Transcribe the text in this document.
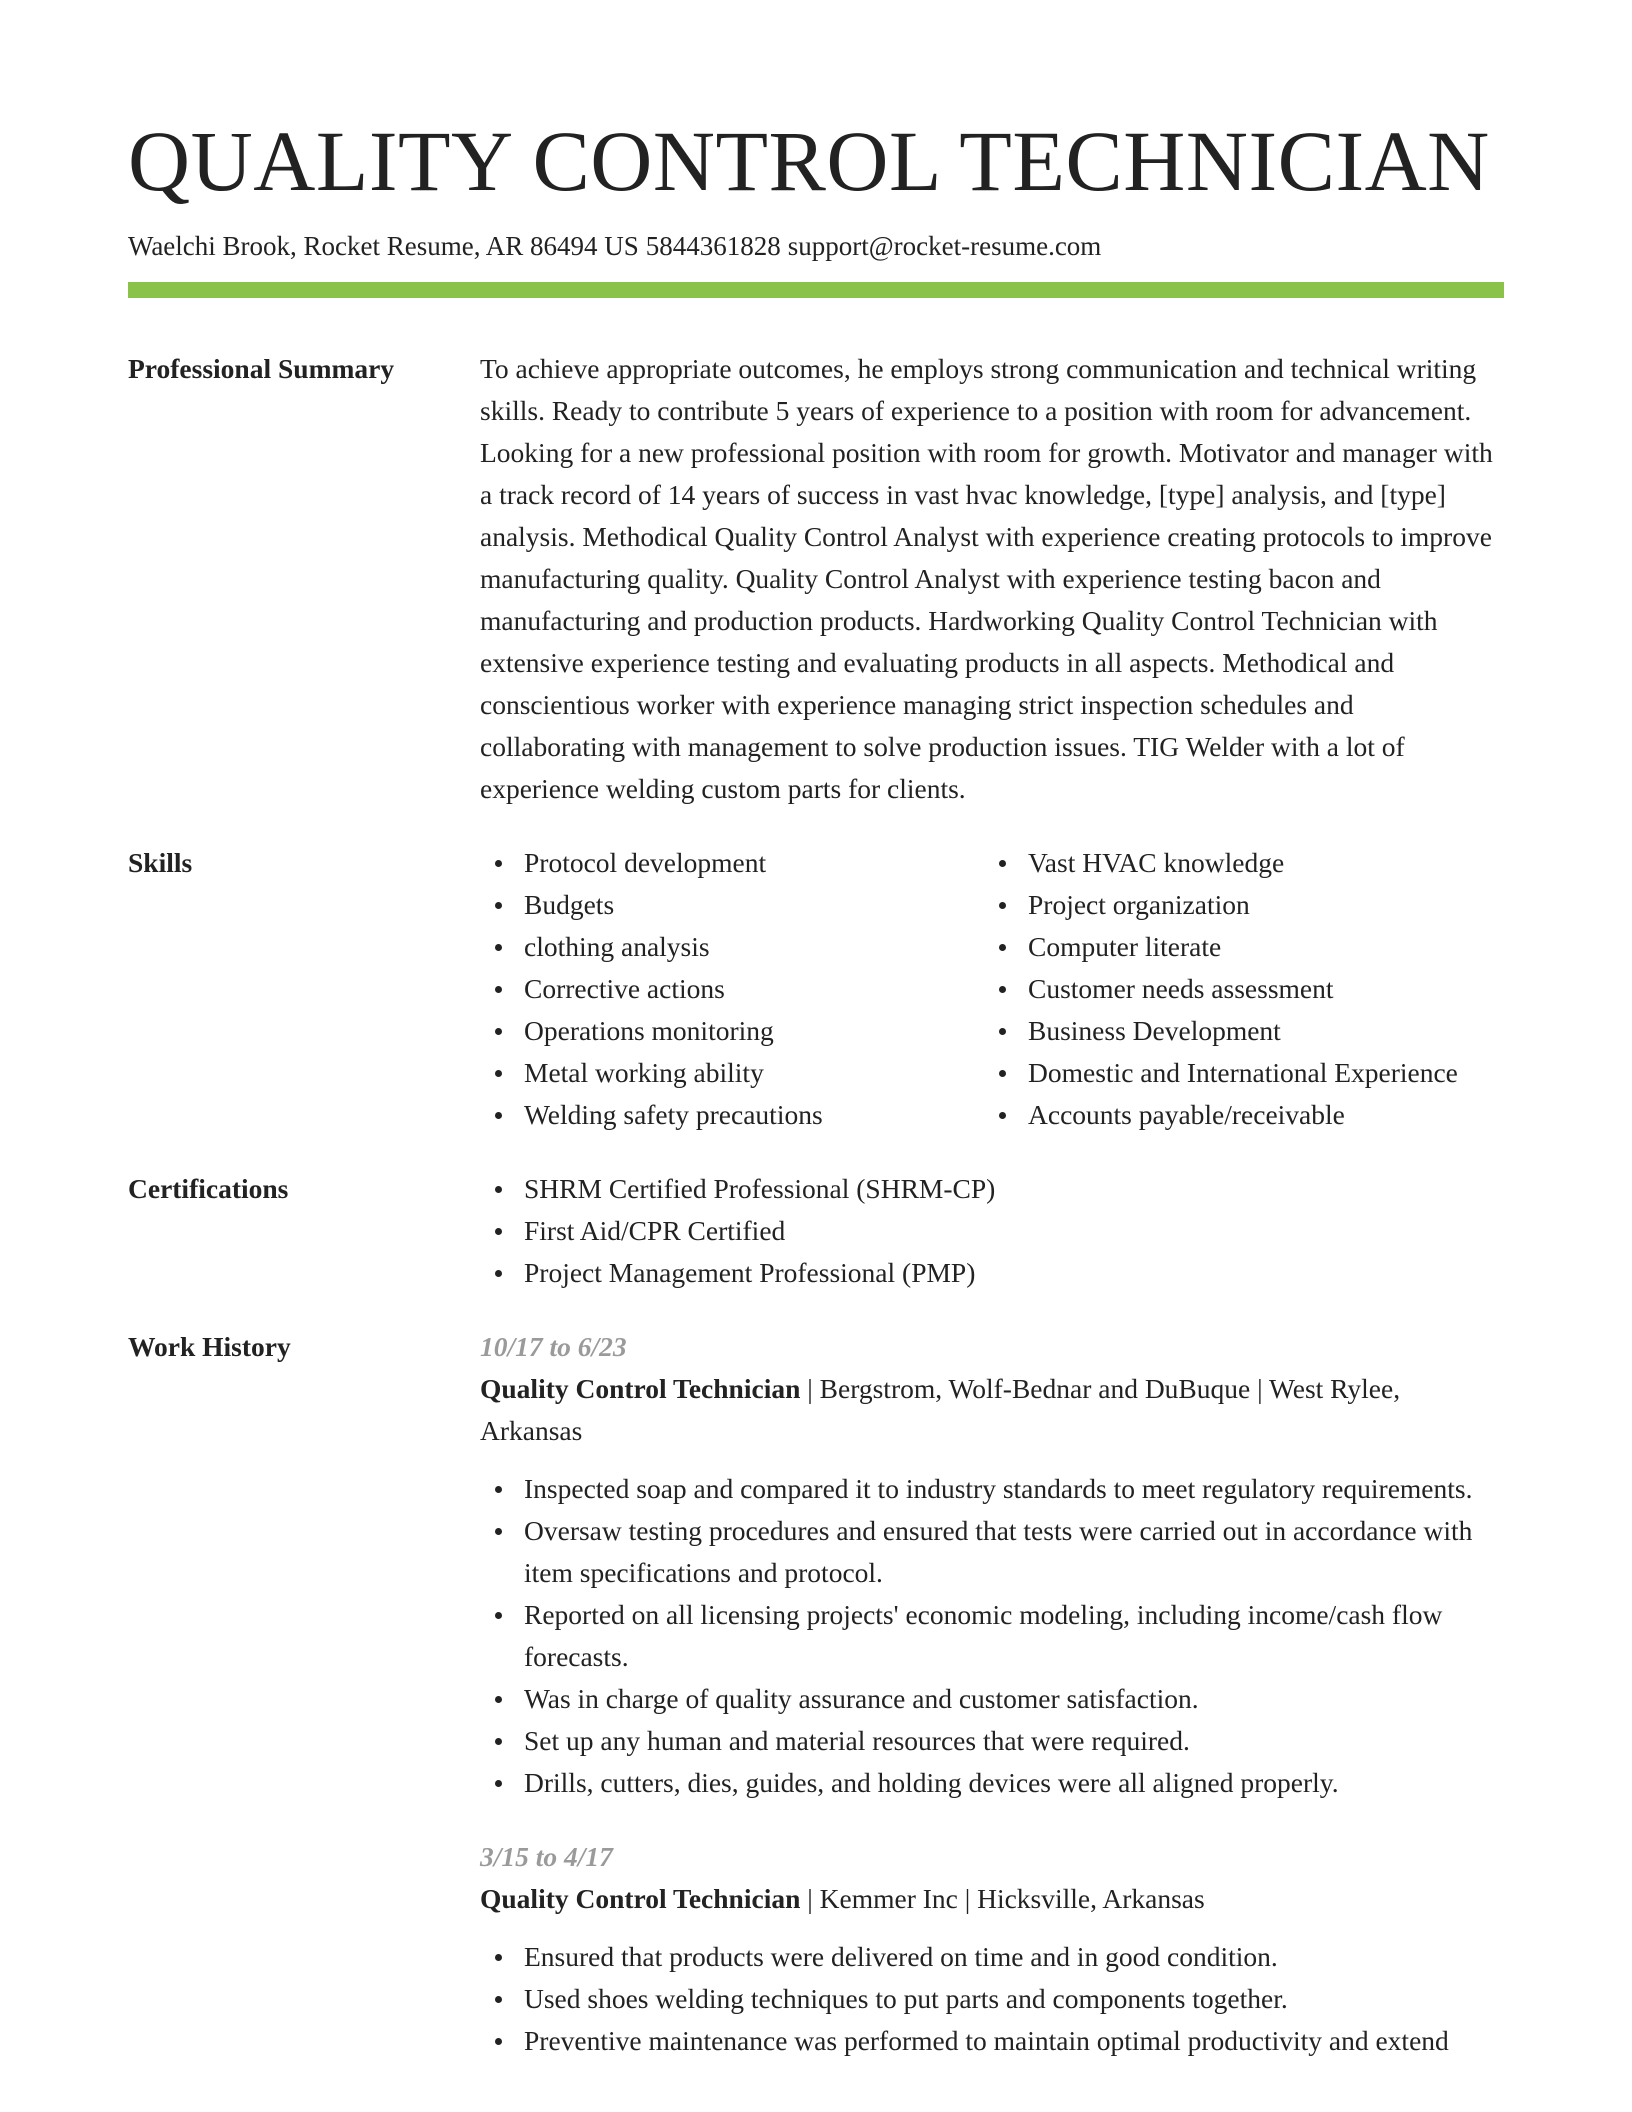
QUALITY CONTROL TECHNICIAN
Waelchi Brook, Rocket Resume, AR 86494 US 5844361828 support@rocket-resume.com
Professional Summary	To achieve appropriate outcomes, he employs strong communication and technical writing skills. Ready to contribute 5 years of experience to a position with room for advancement. Looking for a new professional position with room for growth. Motivator and manager with a track record of 14 years of success in vast hvac knowledge, [type] analysis, and [type] analysis. Methodical Quality Control Analyst with experience creating protocols to improve manufacturing quality. Quality Control Analyst with experience testing bacon and manufacturing and production products. Hardworking Quality Control Technician with extensive experience testing and evaluating products in all aspects. Methodical and conscientious worker with experience managing strict inspection schedules and collaborating with management to solve production issues. TIG Welder with a lot of experience welding custom parts for clients.
Skills	Protocol development
Budgets
clothing analysis
Corrective actions
Operations monitoring
Metal working ability
Welding safety precautions
Vast HVAC knowledge
Project organization
Computer literate
Customer needs assessment
Business Development
Domestic and International Experience
Accounts payable/receivable
Certifications	SHRM Certified Professional (SHRM-CP)
First Aid/CPR Certified
Project Management Professional (PMP)
Work History	10/17 to 6/23
Quality Control Technician | Bergstrom, Wolf-Bednar and DuBuque | West Rylee, Arkansas
Inspected soap and compared it to industry standards to meet regulatory requirements.
Oversaw testing procedures and ensured that tests were carried out in accordance with item specifications and protocol.
Reported on all licensing projects' economic modeling, including income/cash flow forecasts.
Was in charge of quality assurance and customer satisfaction.
Set up any human and material resources that were required.
Drills, cutters, dies, guides, and holding devices were all aligned properly.
3/15 to 4/17
Quality Control Technician | Kemmer Inc | Hicksville, Arkansas
Ensured that products were delivered on time and in good condition.
Used shoes welding techniques to put parts and components together.
Preventive maintenance was performed to maintain optimal productivity and extend
